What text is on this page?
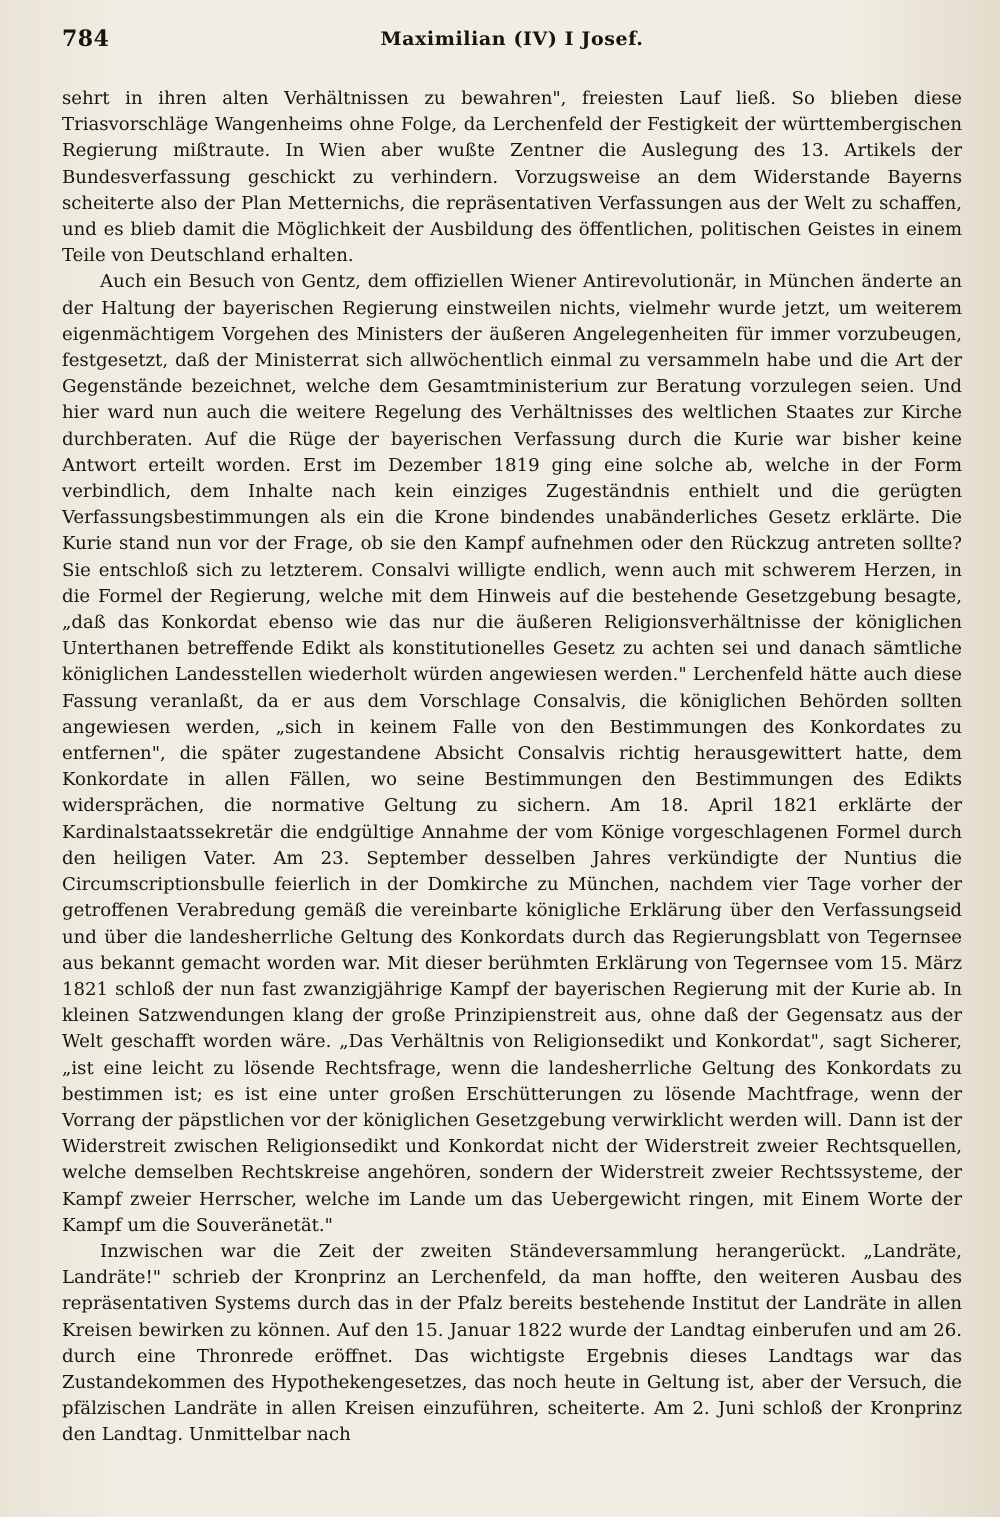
784	Maximilian (IV) I Josef.

sehrt in ihren alten Verhältnissen zu bewahren", freiesten Lauf ließ. So blieben diese Triasvorschläge Wangenheims ohne Folge, da Lerchenfeld der Festigkeit der württembergischen Regierung mißtraute. In Wien aber wußte Zentner die Auslegung des 13. Artikels der Bundesverfassung geschickt zu verhindern. Vorzugsweise an dem Widerstande Bayerns scheiterte also der Plan Metternichs, die repräsentativen Verfassungen aus der Welt zu schaffen, und es blieb damit die Möglichkeit der Ausbildung des öffentlichen, politischen Geistes in einem Teile von Deutschland erhalten.

Auch ein Besuch von Gentz, dem offiziellen Wiener Antirevolutionär, in München änderte an der Haltung der bayerischen Regierung einstweilen nichts, vielmehr wurde jetzt, um weiterem eigenmächtigem Vorgehen des Ministers der äußeren Angelegenheiten für immer vorzubeugen, festgesetzt, daß der Ministerrat sich allwöchentlich einmal zu versammeln habe und die Art der Gegenstände bezeichnet, welche dem Gesamtministerium zur Beratung vorzulegen seien. Und hier ward nun auch die weitere Regelung des Verhältnisses des weltlichen Staates zur Kirche durchberaten. Auf die Rüge der bayerischen Verfassung durch die Kurie war bisher keine Antwort erteilt worden. Erst im Dezember 1819 ging eine solche ab, welche in der Form verbindlich, dem Inhalte nach kein einziges Zugeständnis enthielt und die gerügten Verfassungsbestimmungen als ein die Krone bindendes unabänderliches Gesetz erklärte. Die Kurie stand nun vor der Frage, ob sie den Kampf aufnehmen oder den Rückzug antreten sollte? Sie entschloß sich zu letzterem. Consalvi willigte endlich, wenn auch mit schwerem Herzen, in die Formel der Regierung, welche mit dem Hinweis auf die bestehende Gesetzgebung besagte, „daß das Konkordat ebenso wie das nur die äußeren Religionsverhältnisse der königlichen Unterthanen betreffende Edikt als konstitutionelles Gesetz zu achten sei und danach sämtliche königlichen Landesstellen wiederholt würden angewiesen werden." Lerchenfeld hätte auch diese Fassung veranlaßt, da er aus dem Vorschlage Consalvis, die königlichen Behörden sollten angewiesen werden, „sich in keinem Falle von den Bestimmungen des Konkordates zu entfernen", die später zugestandene Absicht Consalvis richtig herausgewittert hatte, dem Konkordate in allen Fällen, wo seine Bestimmungen den Bestimmungen des Edikts widersprächen, die normative Geltung zu sichern. Am 18. April 1821 erklärte der Kardinalstaatssekretär die endgültige Annahme der vom Könige vorgeschlagenen Formel durch den heiligen Vater. Am 23. September desselben Jahres verkündigte der Nuntius die Circumscriptionsbulle feierlich in der Domkirche zu München, nachdem vier Tage vorher der getroffenen Verabredung gemäß die vereinbarte königliche Erklärung über den Verfassungseid und über die landesherrliche Geltung des Konkordats durch das Regierungsblatt von Tegernsee aus bekannt gemacht worden war. Mit dieser berühmten Erklärung von Tegernsee vom 15. März 1821 schloß der nun fast zwanzigjährige Kampf der bayerischen Regierung mit der Kurie ab. In kleinen Satzwendungen klang der große Prinzipienstreit aus, ohne daß der Gegensatz aus der Welt geschafft worden wäre. „Das Verhältnis von Religionsedikt und Konkordat", sagt Sicherer, „ist eine leicht zu lösende Rechtsfrage, wenn die landesherrliche Geltung des Konkordats zu bestimmen ist; es ist eine unter großen Erschütterungen zu lösende Machtfrage, wenn der Vorrang der päpstlichen vor der königlichen Gesetzgebung verwirklicht werden will. Dann ist der Widerstreit zwischen Religionsedikt und Konkordat nicht der Widerstreit zweier Rechtsquellen, welche demselben Rechtskreise angehören, sondern der Widerstreit zweier Rechtssysteme, der Kampf zweier Herrscher, welche im Lande um das Uebergewicht ringen, mit Einem Worte der Kampf um die Souveränetät."

Inzwischen war die Zeit der zweiten Ständeversammlung herangerückt. „Landräte, Landräte!" schrieb der Kronprinz an Lerchenfeld, da man hoffte, den weiteren Ausbau des repräsentativen Systems durch das in der Pfalz bereits bestehende Institut der Landräte in allen Kreisen bewirken zu können. Auf den 15. Januar 1822 wurde der Landtag einberufen und am 26. durch eine Thronrede eröffnet. Das wichtigste Ergebnis dieses Landtags war das Zustandekommen des Hypothekengesetzes, das noch heute in Geltung ist, aber der Versuch, die pfälzischen Landräte in allen Kreisen einzuführen, scheiterte. Am 2. Juni schloß der Kronprinz den Landtag. Unmittelbar nach
